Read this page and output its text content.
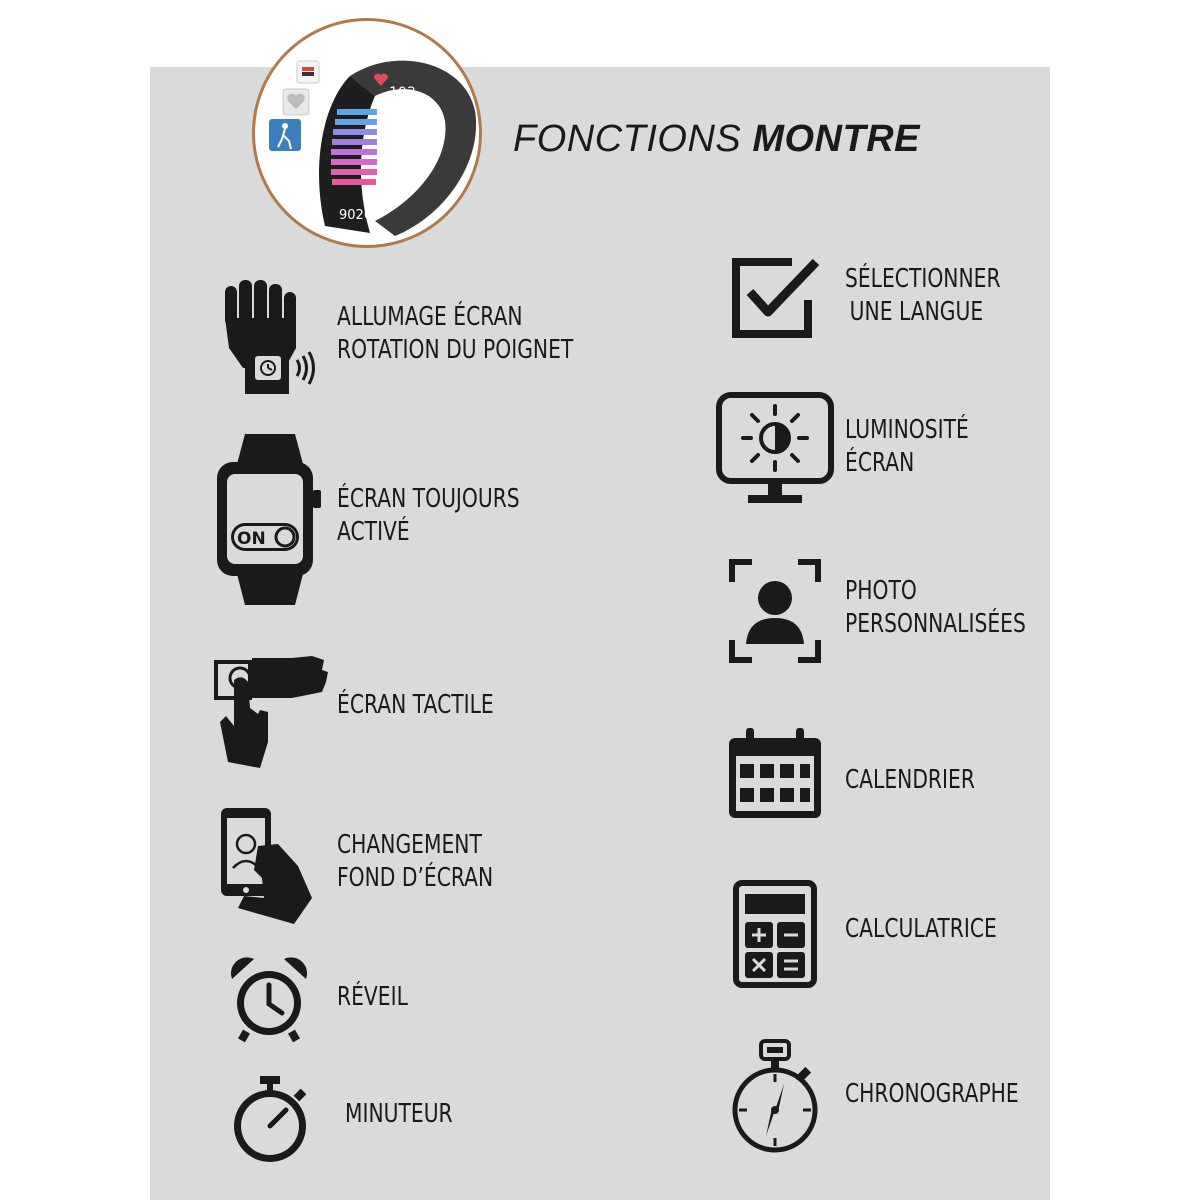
103
9020
FONCTIONS MONTRE
ON
ALLUMAGE ÉCRAN
ROTATION DU POIGNET
ÉCRAN TOUJOURS
ACTIVÉ
ÉCRAN TACTILE
CHANGEMENT
FOND D’ÉCRAN
RÉVEIL
MINUTEUR
SÉLECTIONNER
UNE LANGUE
LUMINOSITÉ
ÉCRAN
PHOTO
PERSONNALISÉES
CALENDRIER
CALCULATRICE
CHRONOGRAPHE
